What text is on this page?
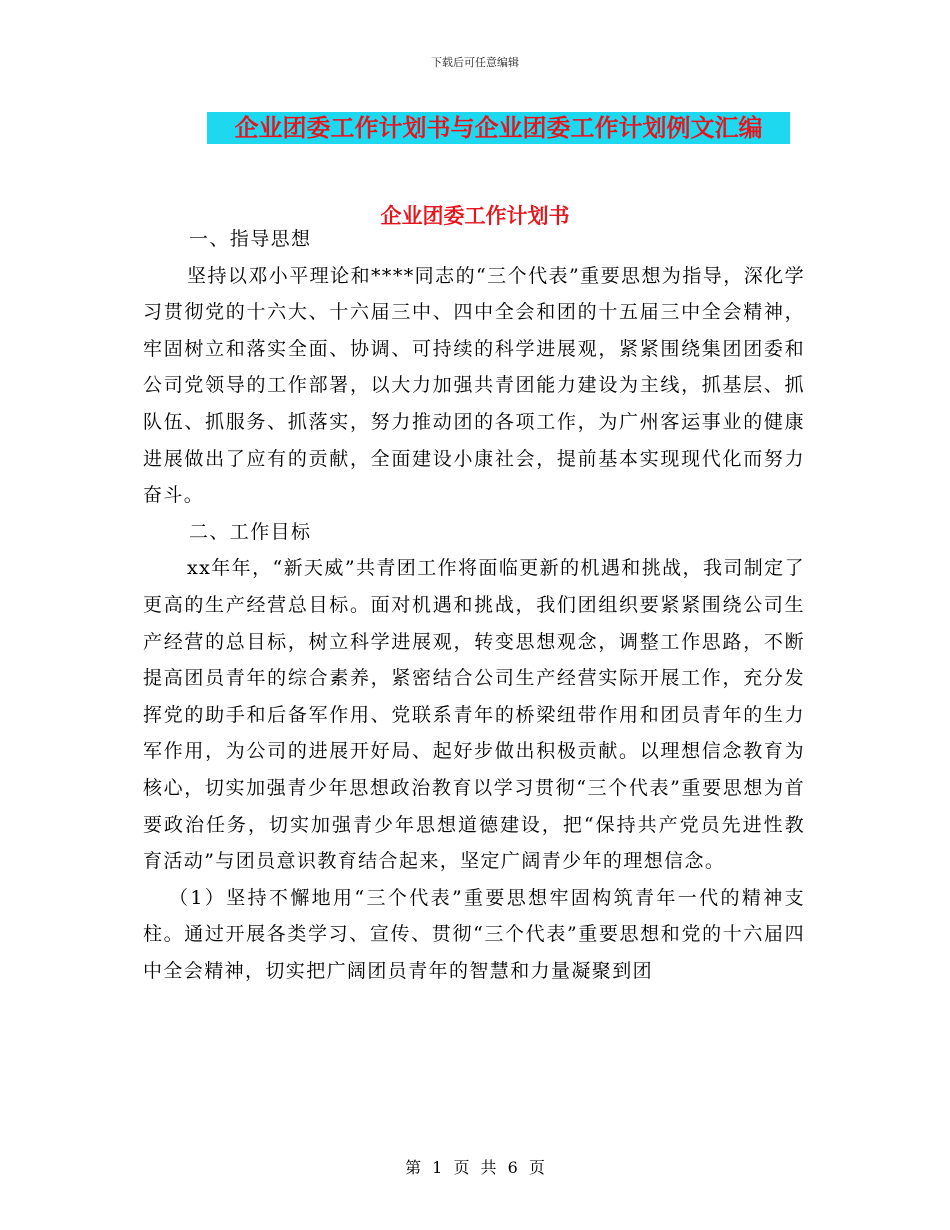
下载后可任意编辑
企业团委工作计划书与企业团委工作计划例文汇编
企业团委工作计划书

一、指导思想

坚持以邓小平理论和****同志的“三个代表”重要思想为指导，深化学习贯彻党的十六大、十六届三中、四中全会和团的十五届三中全会精神，牢固树立和落实全面、协调、可持续的科学进展观，紧紧围绕集团团委和公司党领导的工作部署，以大力加强共青团能力建设为主线，抓基层、抓队伍、抓服务、抓落实，努力推动团的各项工作，为广州客运事业的健康进展做出了应有的贡献，全面建设小康社会，提前基本实现现代化而努力奋斗。

二、工作目标

xx年年，“新天威”共青团工作将面临更新的机遇和挑战，我司制定了更高的生产经营总目标。面对机遇和挑战，我们团组织要紧紧围绕公司生产经营的总目标，树立科学进展观，转变思想观念，调整工作思路，不断提高团员青年的综合素养，紧密结合公司生产经营实际开展工作，充分发挥党的助手和后备军作用、党联系青年的桥梁纽带作用和团员青年的生力军作用，为公司的进展开好局、起好步做出积极贡献。以理想信念教育为核心，切实加强青少年思想政治教育以学习贯彻“三个代表”重要思想为首要政治任务，切实加强青少年思想道德建设，把“保持共产党员先进性教育活动”与团员意识教育结合起来，坚定广阔青少年的理想信念。

（1）坚持不懈地用“三个代表”重要思想牢固构筑青年一代的精神支柱。通过开展各类学习、宣传、贯彻“三个代表”重要思想和党的十六届四中全会精神，切实把广阔团员青年的智慧和力量凝聚到团

第 1 页 共 6 页
